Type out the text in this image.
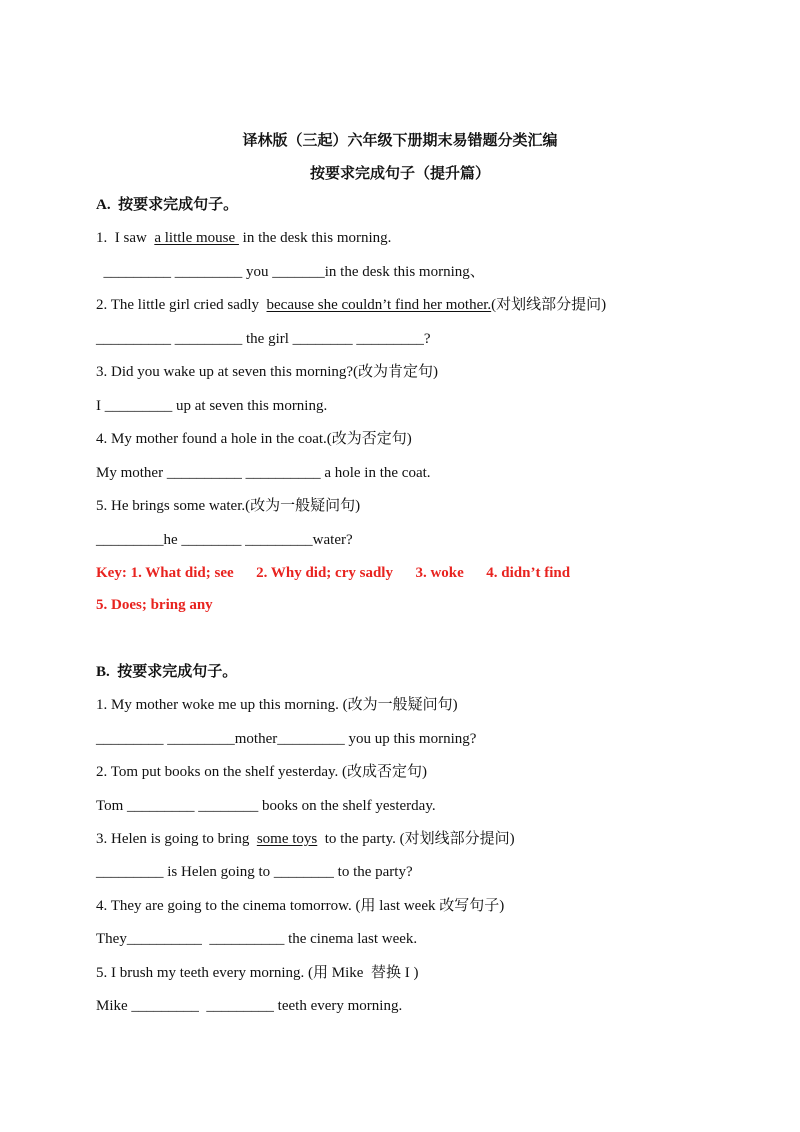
译林版（三起）六年级下册期末易错题分类汇编
按要求完成句子（提升篇）
A.  按要求完成句子。
1.  I saw  a little mouse  in the desk this morning.
_________ _________ you _______in the desk this morning、
2. The little girl cried sadly  because she couldn’t find her mother.(对划线部分提问)
__________ _________ the girl ________ _________?
3. Did you wake up at seven this morning?(改为肯定句)
I _________ up at seven this morning.
4. My mother found a hole in the coat.(改为否定句)
My mother __________ __________ a hole in the coat.
5. He brings some water.(改为一般疑问句)
_________he ________ _________water?
Key: 1. What did; see      2. Why did; cry sadly      3. woke      4. didn’t find
5. Does; bring any
B.  按要求完成句子。
1. My mother woke me up this morning. (改为一般疑问句)
_________ _________mother_________ you up this morning?
2. Tom put books on the shelf yesterday. (改成否定句)
Tom _________ ________ books on the shelf yesterday.
3. Helen is going to bring  some toys  to the party. (对划线部分提问)
_________ is Helen going to ________ to the party?
4. They are going to the cinema tomorrow. (用 last week 改写句子)
They__________  __________ the cinema last week.
5. I brush my teeth every morning. (用 Mike  替换 I )
Mike _________  _________ teeth every morning.
